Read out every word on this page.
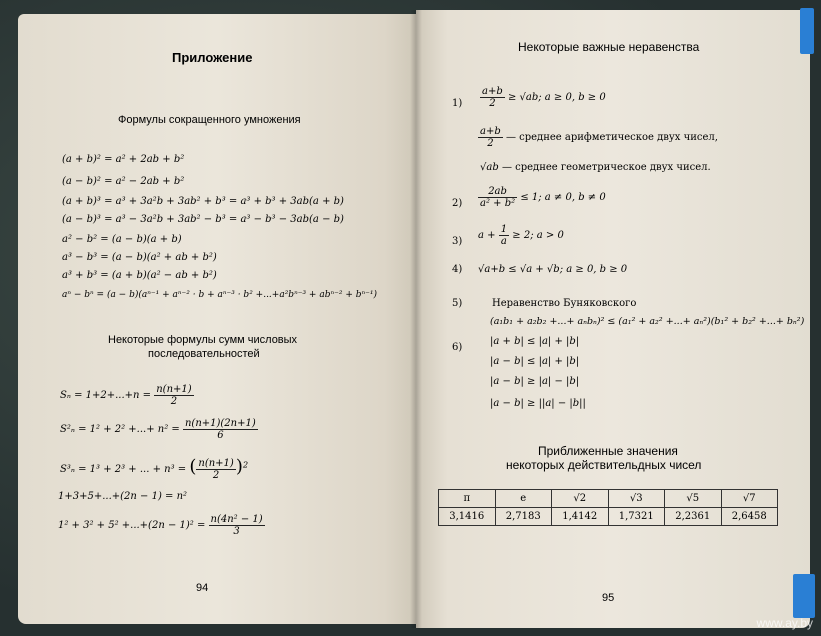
Приложение
Формулы сокращенного умножения
(a + b)² = a² + 2ab + b²
(a − b)² = a² − 2ab + b²
(a + b)³ = a³ + 3a²b + 3ab² + b³ = a³ + b³ + 3ab(a + b)
(a − b)³ = a³ − 3a²b + 3ab² − b³ = a³ − b³ − 3ab(a − b)
a² − b² = (a − b)(a + b)
a³ − b³ = (a − b)(a² + ab + b²)
a³ + b³ = (a + b)(a² − ab + b²)
aⁿ − bⁿ = (a − b)(aⁿ⁻¹ + aⁿ⁻² · b + aⁿ⁻³ · b² +...+a²bⁿ⁻³ + abⁿ⁻² + bⁿ⁻¹)
Некоторые формулы сумм числовых
последовательностей
$S_n = 1+2+...+n = \frac{n(n+1)}{2}$
S²ₙ = 1² + 2² +...+ $n^2 = \frac{n(n+1)(2n+1)}{6}$
S³ₙ = 1³ + 2³ + ... + n³ = ( $\frac{n(n+1)}{2} )^2$
1+3+5+...+(2n − 1) = n²
$1^2 + 3^2 + 5^2 +...+(2n - 1)^2 = \frac{\text{n(4n² − 1)}}{3}$
94
Некоторые важные неравенства
$1) \frac{a+b}{2} \ge √ab$; a ≥ 0, b ≥ 0
$\frac{a+b}{2}$ — среднее арифметическое двух чисел,
√ab — среднее геометрическое двух чисел.
$2) \frac{2ab}{\text{a² + b²}} \le 1$; a ≠ 0, b ≠ 0
3)
$a + \frac{1}{a} \ge 2$; a > 0
4) √a+b ≤ √a + √b; a ≥ 0, b ≥ 0
5)	Неравенство Буняковского
(a₁b₁ + a₂b₂ +...+ aₙbₙ)² ≤ (a₁² + a₂² +...+ aₙ²)(b₁² + b₂² +...+ bₙ²)
6)
|a + b| ≤ |a| + |b|
|a − b| ≤ |a| + |b|
|a − b| ≥ |a| − |b|
|a − b| ≥ ||a| − |b||
Приближенные значения
некоторых действительдных чисел
π	e	√2	√3	√5	√7
3,1416	2,7183	1,4142	1,7321	2,2361	2,6458
95
www.ay.by
